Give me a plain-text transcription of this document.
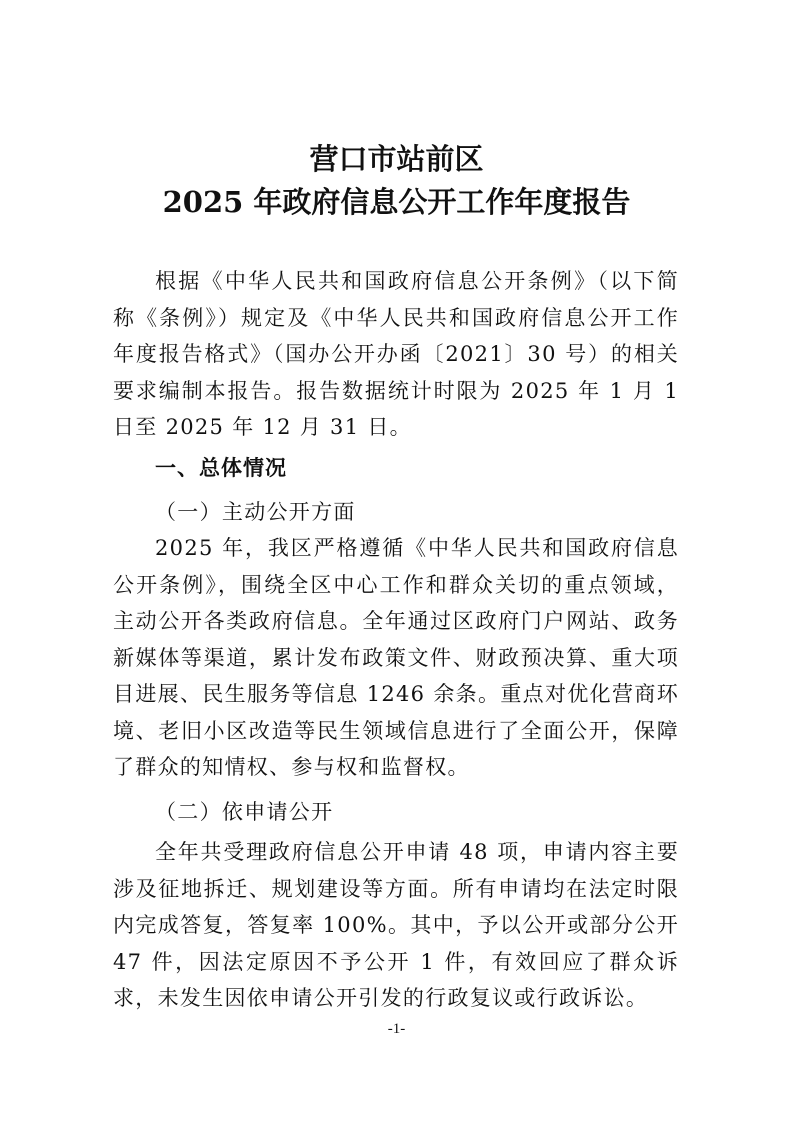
营口市站前区
2025 年政府信息公开工作年度报告

根据《中华人民共和国政府信息公开条例》（以下简称《条例》）规定及《中华人民共和国政府信息公开工作年度报告格式》（国办公开办函〔2021〕30 号）的相关要求编制本报告。报告数据统计时限为 2025 年 1 月 1 日至 2025 年 12 月 31 日。

一、总体情况
（一）主动公开方面

2025 年，我区严格遵循《中华人民共和国政府信息公开条例》，围绕全区中心工作和群众关切的重点领域，主动公开各类政府信息。全年通过区政府门户网站、政务新媒体等渠道，累计发布政策文件、财政预决算、重大项目进展、民生服务等信息 1246 余条。重点对优化营商环境、老旧小区改造等民生领域信息进行了全面公开，保障了群众的知情权、参与权和监督权。

（二）依申请公开

全年共受理政府信息公开申请 48 项，申请内容主要涉及征地拆迁、规划建设等方面。所有申请均在法定时限内完成答复，答复率 100%。其中，予以公开或部分公开 47 件，因法定原因不予公开 1 件，有效回应了群众诉求，未发生因依申请公开引发的行政复议或行政诉讼。

-1-
